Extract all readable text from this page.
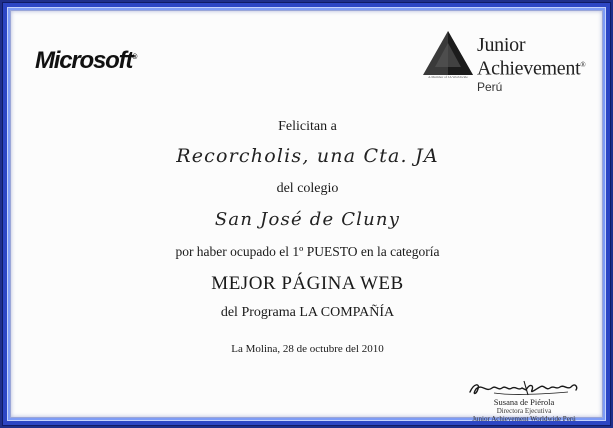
Microsoft®
A Member of JA Worldwide
Junior
Achievement®
Perú
Felicitan a
Recorcholis, una Cta. JA
del colegio
San José de Cluny
por haber ocupado el 1º PUESTO en la categoría
MEJOR PÁGINA WEB
del Programa LA COMPAÑÍA
La Molina, 28 de octubre del 2010
Susana de Piérola
Directora Ejecutiva
Junior Achievement Worldwide Perú
